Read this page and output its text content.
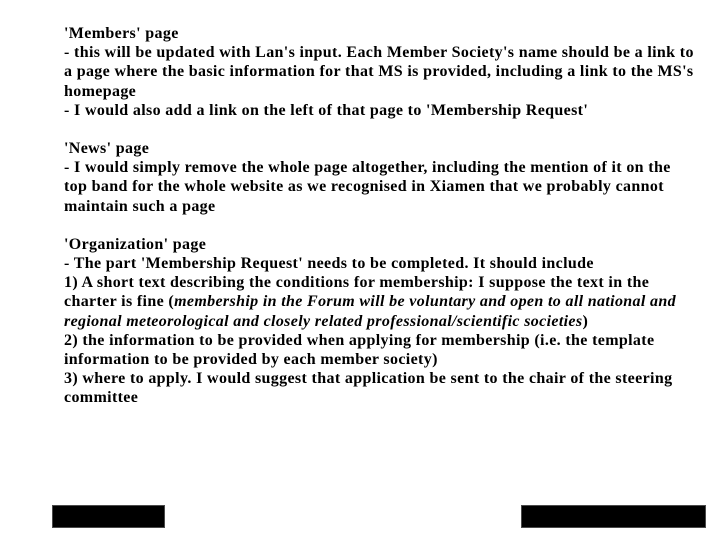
'Members' page

- this will be updated with Lan's input. Each Member Society's name should be a link to a page where the basic information for that MS is provided, including a link to the MS's homepage

- I would also add a link on the left of that page to 'Membership Request'

'News' page

- I would simply remove the whole page altogether, including the mention of it on the top band for the whole website as we recognised in Xiamen that we probably cannot maintain such a page

'Organization' page

- The part 'Membership Request' needs to be completed. It should include

1) A short text describing the conditions for membership: I suppose the text in the charter is fine (membership in the Forum will be voluntary and open to all national and regional meteorological and closely related professional/scientific societies)

2) the information to be provided when applying for membership (i.e. the template information to be provided by each member society)

3) where to apply. I would suggest that application be sent to the chair of the steering committee
